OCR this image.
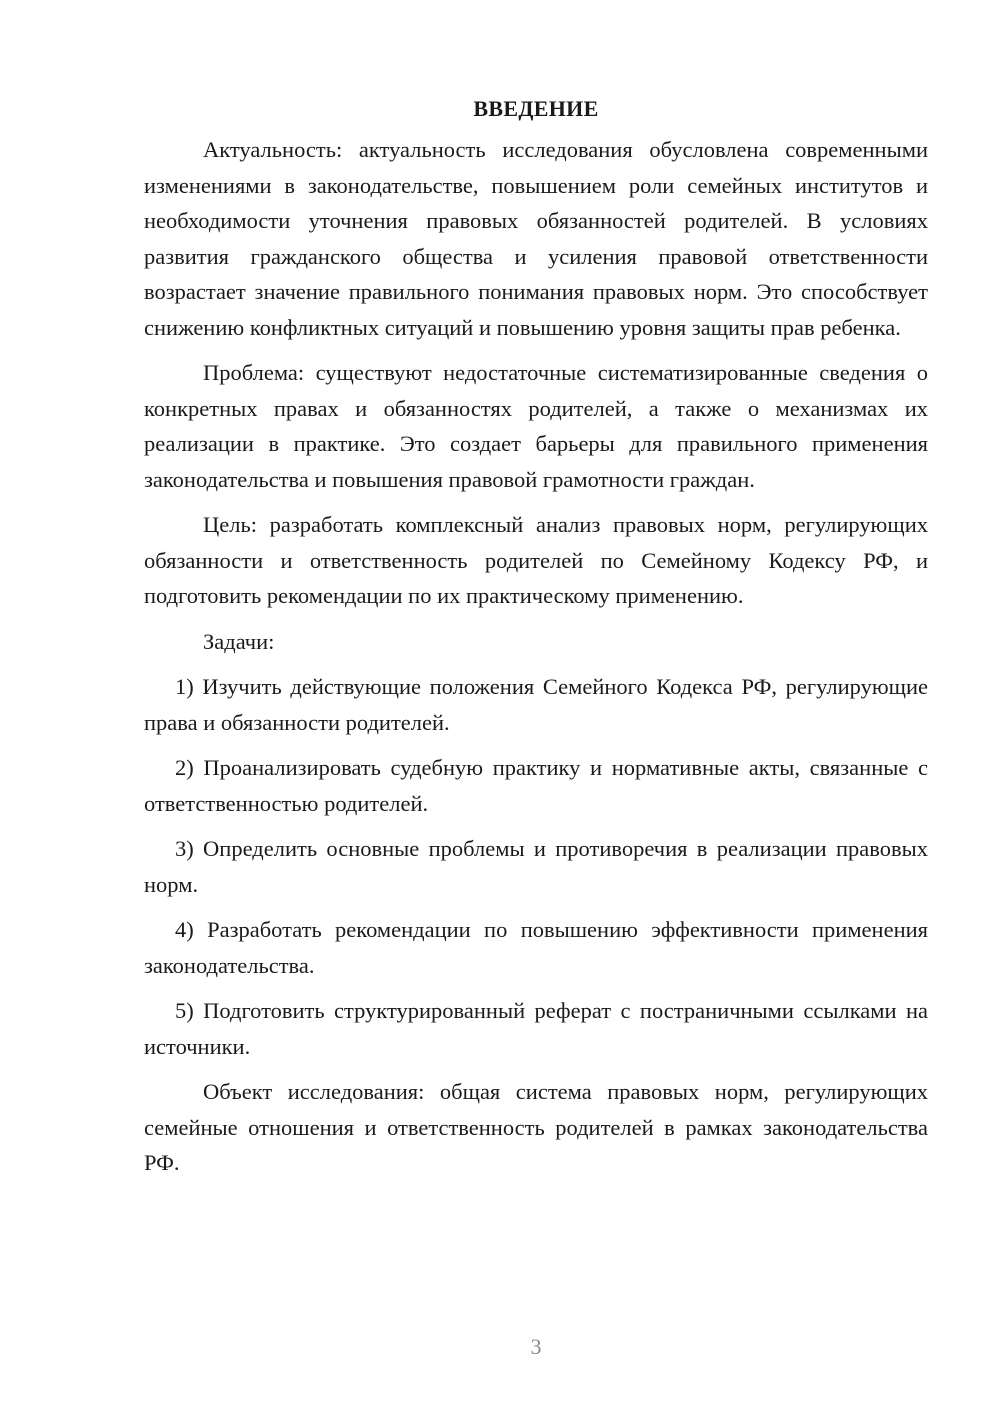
ВВЕДЕНИЕ

Актуальность: актуальность исследования обусловлена современными изменениями в законодательстве, повышением роли семейных институтов и необходимости уточнения правовых обязанностей родителей. В условиях развития гражданского общества и усиления правовой ответственности возрастает значение правильного понимания правовых норм. Это способствует снижению конфликтных ситуаций и повышению уровня защиты прав ребенка.

Проблема: существуют недостаточные систематизированные сведения о конкретных правах и обязанностях родителей, а также о механизмах их реализации в практике. Это создает барьеры для правильного применения законодательства и повышения правовой грамотности граждан.

Цель: разработать комплексный анализ правовых норм, регулирующих обязанности и ответственность родителей по Семейному Кодексу РФ, и подготовить рекомендации по их практическому применению.

Задачи:

1) Изучить действующие положения Семейного Кодекса РФ, регулирующие права и обязанности родителей.

2) Проанализировать судебную практику и нормативные акты, связанные с ответственностью родителей.

3) Определить основные проблемы и противоречия в реализации правовых норм.

4) Разработать рекомендации по повышению эффективности применения законодательства.

5) Подготовить структурированный реферат с постраничными ссылками на источники.

Объект исследования: общая система правовых норм, регулирующих семейные отношения и ответственность родителей в рамках законодательства РФ.

3
